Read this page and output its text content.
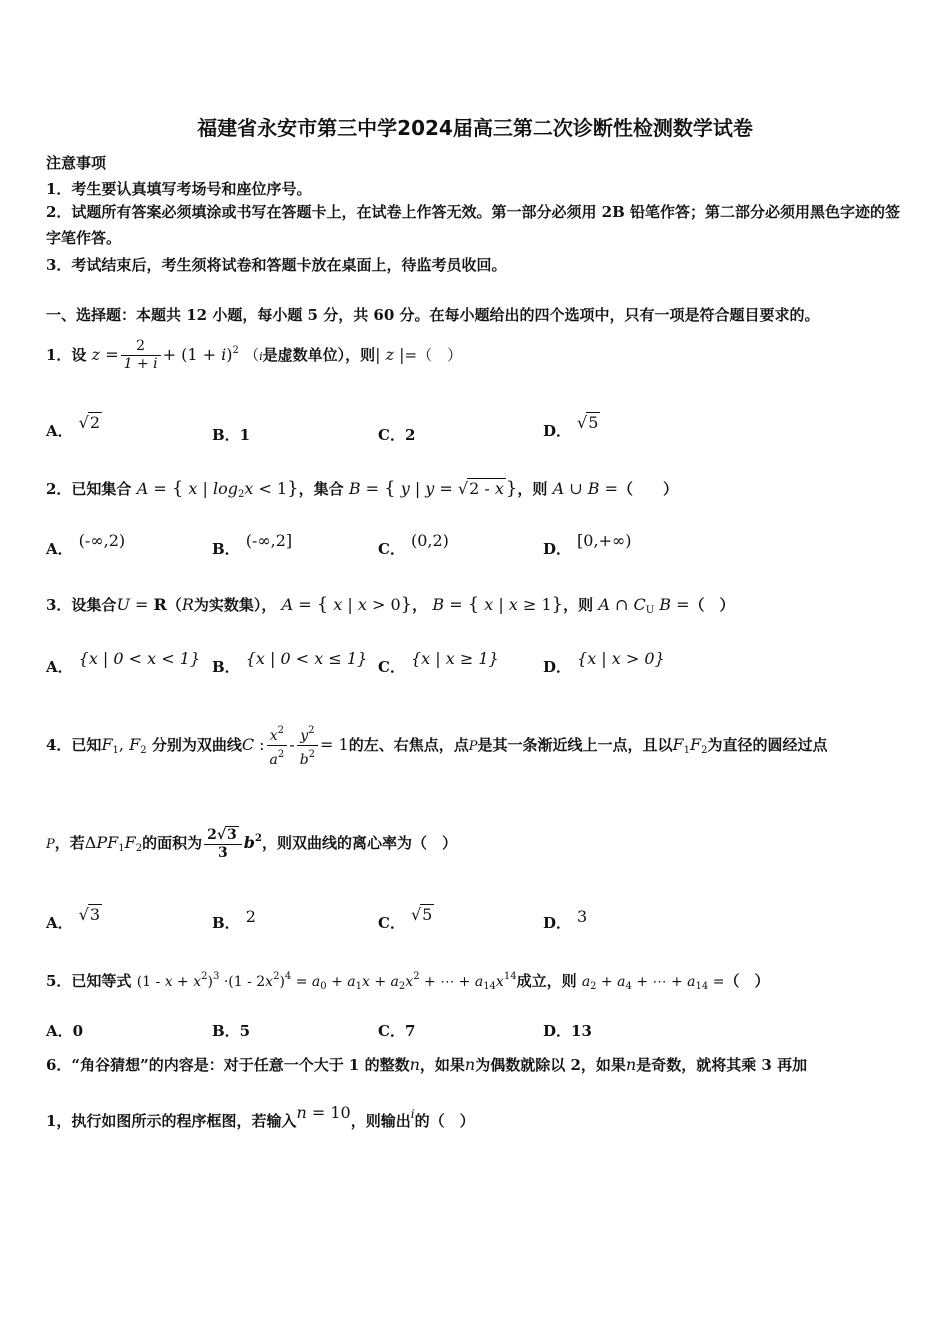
福建省永安市第三中学2024届高三第二次诊断性检测数学试卷
注意事项
1．考生要认真填写考场号和座位序号。
2．试题所有答案必须填涂或书写在答题卡上，在试卷上作答无效。第一部分必须用 2B 铅笔作答；第二部分必须用黑色字迹的签字笔作答。
3．考试结束后，考生须将试卷和答题卡放在桌面上，待监考员收回。
一、选择题：本题共 12 小题，每小题 5 分，共 60 分。在每小题给出的四个选项中，只有一项是符合题目要求的。
1．设 $z = \frac{2}{1 + i} + (1 + i)^2$ （i是虚数单位），则| z |=（　）
A． √2
B．1	C．2	D． √5
2．已知集合 A = { x | $\log_2x < 1$}，集合 B = { y | y = √2 - x }，则 A ∪ B =（　　）
A． (-∞,2)	B． (-∞,2]	C． (0,2)	D． [0,+∞)
3．设集合U = R（R为实数集）， A = { x | x > 0}， B = { x | x ≥ 1}，则 A ∩ $C_U$ B =（　）
A． {x | 0 < x < 1} B． {x | 0 < x ≤ 1} C． {x | x ≥ 1}	D． {x | x > 0}
4．已知$F_1$, $F_2$ 分别为双曲线C : $\frac{x^2}{a^2} - \frac{y^2}{b^2} = 1$的左、右焦点，点P是其一条渐近线上一点，且以$F_1F_2$为直径的圆经过点
P，若$\Delta PF_1F_2$的面积为 $\frac{2√3}{3} b^2$，则双曲线的离心率为（　）
A． √3	B． 2	C． √5	D． 3
5．已知等式 $(1 - x + x^2)^3 \cdot(1 - 2x^2)^4 = a_0 + a_1x + a_2x^2$ + ⋯ + $a_{14}x^{14}$成立，则 $a_2 + a_4$ + ⋯ + $a_{14}$ =（　）
A．0	B．5	C．7	D．13
6．“角谷猜想”的内容是：对于任意一个大于 1 的整数n，如果n为偶数就除以 2，如果n是奇数，就将其乘 3 再加
1，执行如图所示的程序框图，若输入n = 10，则输出$^i$的（　）
